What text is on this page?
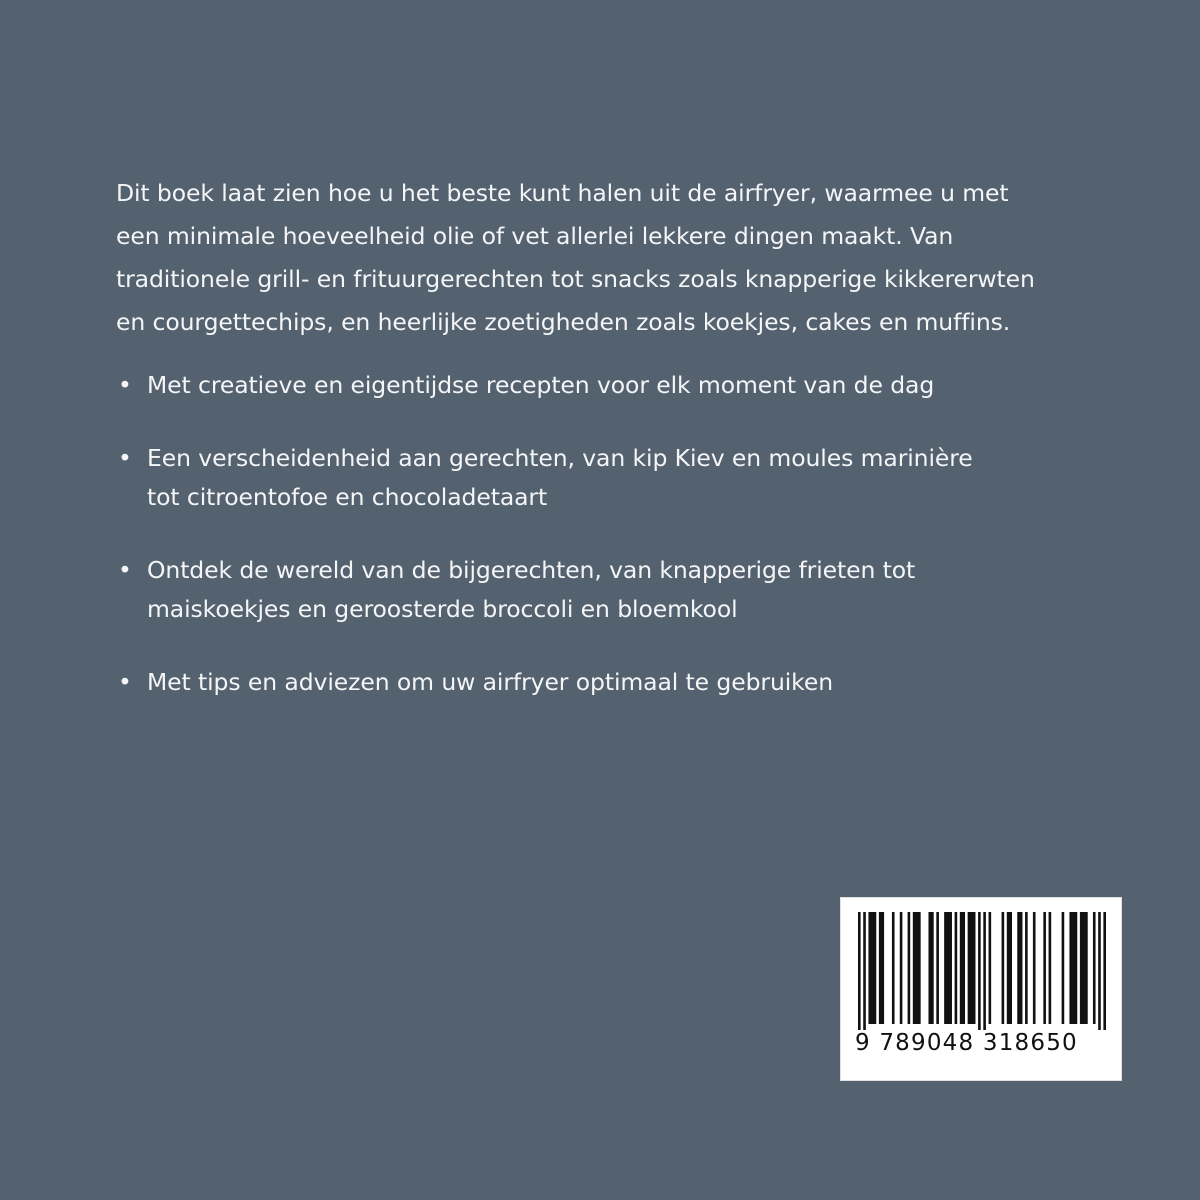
Dit boek laat zien hoe u het beste kunt halen uit de airfryer, waarmee u met
een minimale hoeveelheid olie of vet allerlei lekkere dingen maakt. Van
traditionele grill- en frituurgerechten tot snacks zoals knapperige kikkererwten
en courgettechips, en heerlijke zoetigheden zoals koekjes, cakes en muffins.
• Met creatieve en eigentijdse recepten voor elk moment van de dag
• Een verscheidenheid aan gerechten, van kip Kiev en moules marinière
tot citroentofoe en chocoladetaart
• Ontdek de wereld van de bijgerechten, van knapperige frieten tot
maiskoekjes en geroosterde broccoli en bloemkool
• Met tips en adviezen om uw airfryer optimaal te gebruiken
9 789048 318650
